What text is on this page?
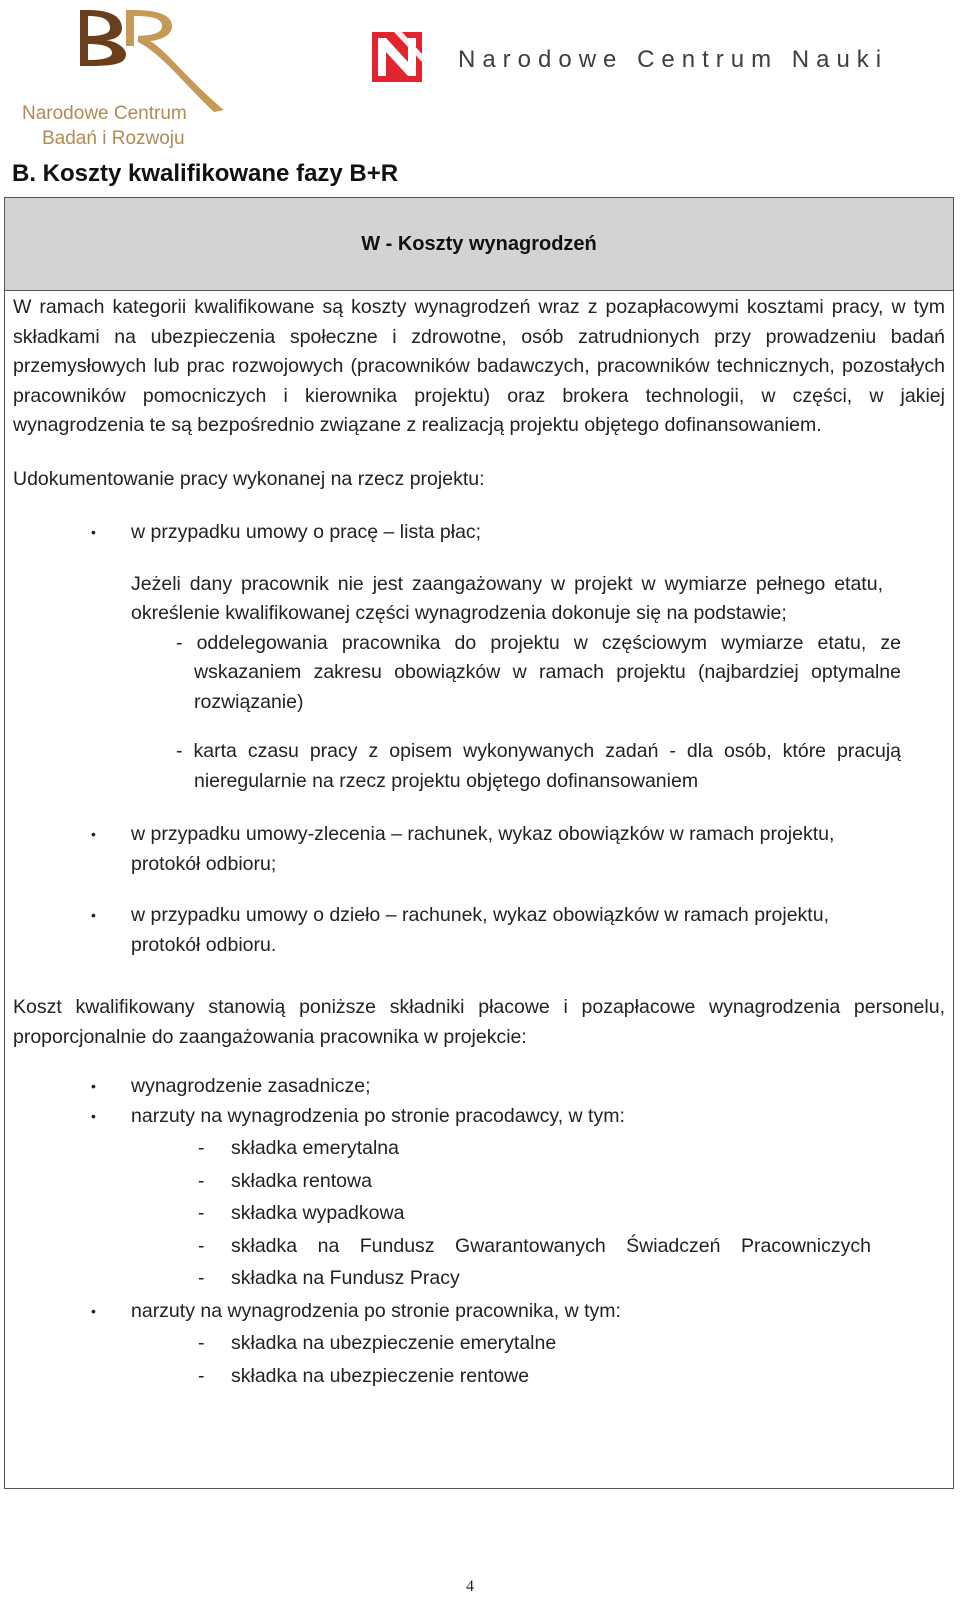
Narodowe Centrum

Badań i Rozwoju

Narodowe Centrum Nauki
B. Koszty kwalifikowane fazy B+R
W - Koszty wynagrodzeń

W ramach kategorii kwalifikowane są koszty wynagrodzeń wraz z pozapłacowymi kosztami pracy, w tym składkami na ubezpieczenia społeczne i zdrowotne, osób zatrudnionych przy prowadzeniu badań przemysłowych lub prac rozwojowych (pracowników badawczych, pracowników technicznych, pozostałych pracowników pomocniczych i kierownika projektu) oraz brokera technologii, w części, w jakiej wynagrodzenia te są bezpośrednio związane z realizacją projektu objętego dofinansowaniem.

Udokumentowanie pracy wykonanej na rzecz projektu:

• w przypadku umowy o pracę – lista płac;
Jeżeli dany pracownik nie jest zaangażowany w projekt w wymiarze pełnego etatu, określenie kwalifikowanej części wynagrodzenia dokonuje się na podstawie;
- oddelegowania pracownika do projektu w częściowym wymiarze etatu, ze wskazaniem zakresu obowiązków w ramach projektu (najbardziej optymalne rozwiązanie)
- karta czasu pracy z opisem wykonywanych zadań - dla osób, które pracują nieregularnie na rzecz projektu objętego dofinansowaniem
• w przypadku umowy-zlecenia – rachunek, wykaz obowiązków w ramach projektu, protokół odbioru;
• w przypadku umowy o dzieło – rachunek, wykaz obowiązków w ramach projektu, protokół odbioru.

Koszt kwalifikowany stanowią poniższe składniki płacowe i pozapłacowe wynagrodzenia personelu, proporcjonalnie do zaangażowania pracownika w projekcie:

• wynagrodzenie zasadnicze;
• narzuty na wynagrodzenia po stronie pracodawcy, w tym:
- składka emerytalna
- składka rentowa
- składka wypadkowa
- składka na Fundusz Gwarantowanych Świadczeń Pracowniczych
- składka na Fundusz Pracy
• narzuty na wynagrodzenia po stronie pracownika, w tym:
- składka na ubezpieczenie emerytalne
- składka na ubezpieczenie rentowe
4
